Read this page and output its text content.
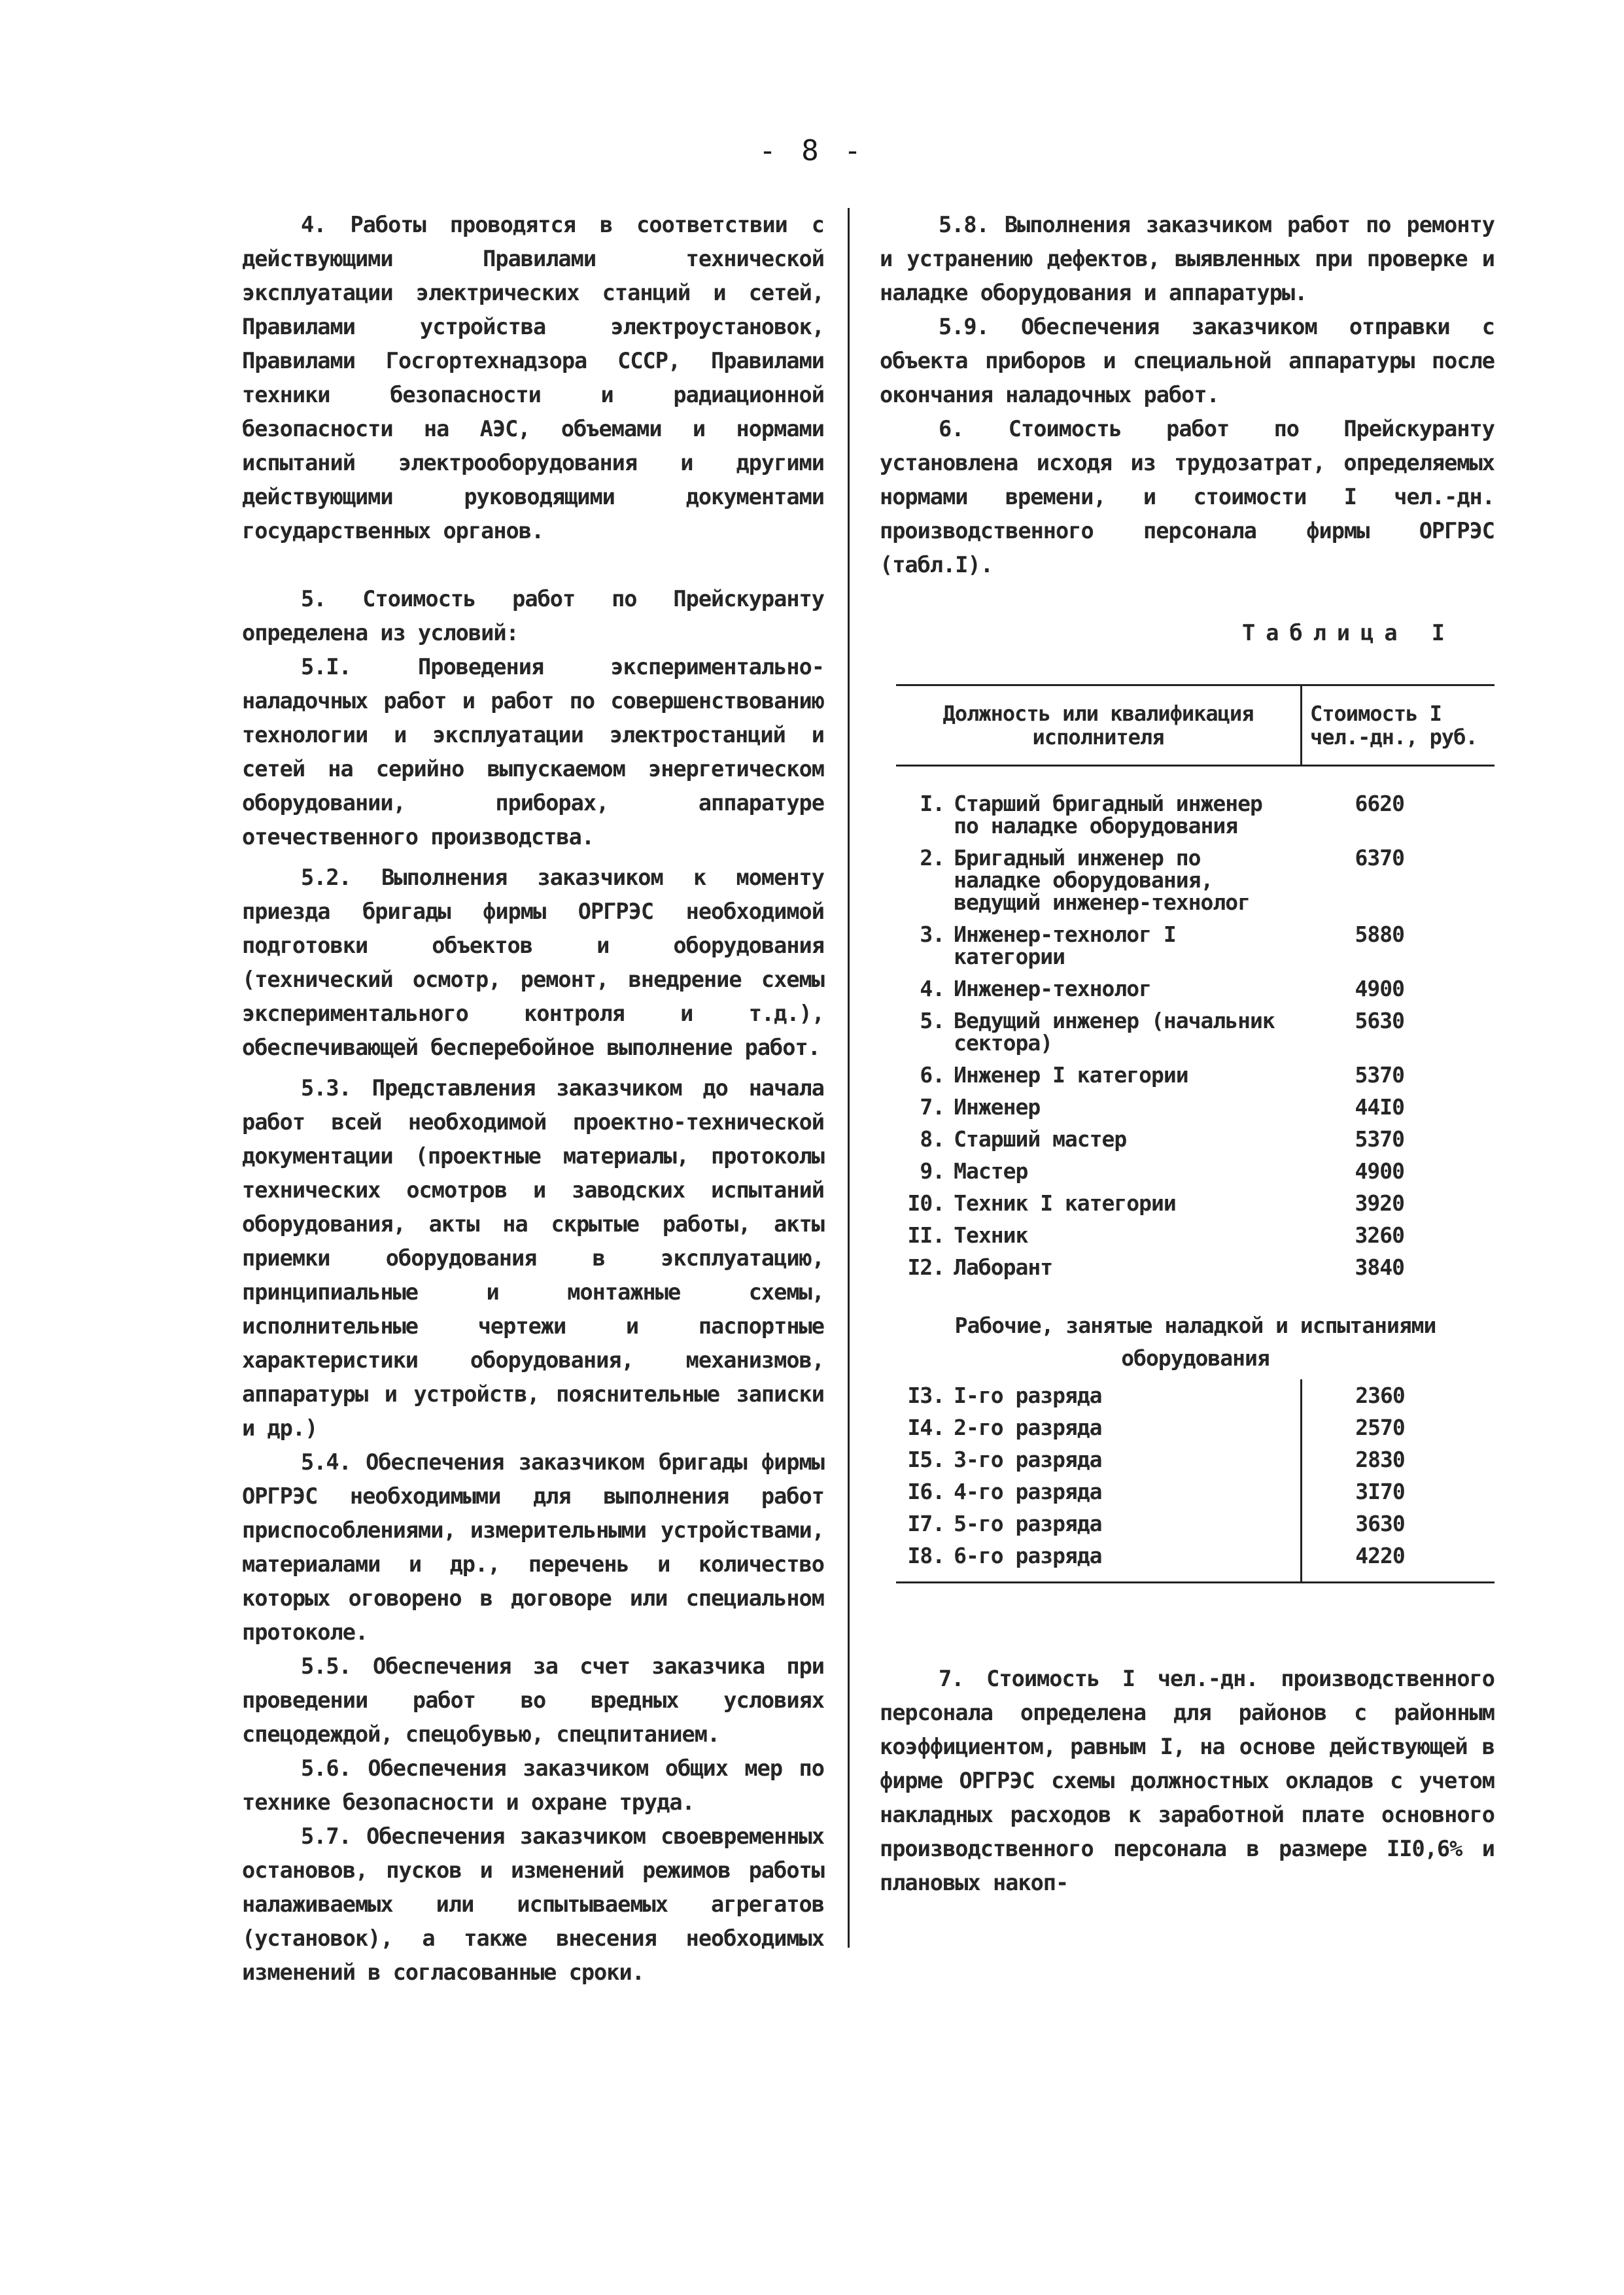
- 8 -

4. Работы проводятся в соответствии с действующими Правилами технической эксплуатации электрических станций и сетей, Правилами устройства электроустановок, Правилами Госгортехнадзора СССР, Правилами техники безопасности и радиационной безопасности на АЭС, объемами и нормами испытаний электрооборудования и другими действующими руководящими документами государственных органов.

5. Стоимость работ по Прейскуранту определена из условий:

5.I. Проведения экспериментально-наладочных работ и работ по совершенствованию технологии и эксплуатации электростанций и сетей на серийно выпускаемом энергетическом оборудовании, приборах, аппаратуре отечественного производства.

5.2. Выполнения заказчиком к моменту приезда бригады фирмы ОРГРЭС необходимой подготовки объектов и оборудования (технический осмотр, ремонт, внедрение схемы экспериментального контроля и т.д.), обеспечивающей бесперебойное выполнение работ.

5.3. Представления заказчиком до начала работ всей необходимой проектно-технической документации (проектные материалы, протоколы технических осмотров и заводских испытаний оборудования, акты на скрытые работы, акты приемки оборудования в эксплуатацию, принципиальные и монтажные схемы, исполнительные чертежи и паспортные характеристики оборудования, механизмов, аппаратуры и устройств, пояснительные записки и др.)

5.4. Обеспечения заказчиком бригады фирмы ОРГРЭС необходимыми для выполнения работ приспособлениями, измерительными устройствами, материалами и др., перечень и количество которых оговорено в договоре или специальном протоколе.

5.5. Обеспечения за счет заказчика при проведении работ во вредных условиях спецодеждой, спецобувью, спецпитанием.

5.6. Обеспечения заказчиком общих мер по технике безопасности и охране труда.

5.7. Обеспечения заказчиком своевременных остановов, пусков и изменений режимов работы налаживаемых или испытываемых агрегатов (установок), а также внесения необходимых изменений в согласованные сроки.

5.8. Выполнения заказчиком работ по ремонту и устранению дефектов, выявленных при проверке и наладке оборудования и аппаратуры.

5.9. Обеспечения заказчиком отправки с объекта приборов и специальной аппаратуры после окончания наладочных работ.

6. Стоимость работ по Прейскуранту установлена исходя из трудозатрат, определяемых нормами времени, и стоимости I чел.-дн. производственного персонала фирмы ОРГРЭС (табл.I).

Таблица I
Должность или квалификация исполнителя		Стоимость I чел.-дн., руб.
I.	Старший бригадный инженер по наладке оборудования	6620
2.	Бригадный инженер по наладке оборудования, ведущий инженер-технолог	6370
3.	Инженер-технолог I категории	5880
4.	Инженер-технолог	4900
5.	Ведущий инженер (начальник сектора)	5630
6.	Инженер I категории	5370
7.	Инженер	44I0
8.	Старший мастер	5370
9.	Мастер	4900
I0.	Техник I категории	3920
II.	Техник	3260
I2.	Лаборант	3840
Рабочие, занятые наладкой и испытаниями оборудования		
I3.	I-го разряда	2360
I4.	2-го разряда	2570
I5.	3-го разряда	2830
I6.	4-го разряда	3I70
I7.	5-го разряда	3630
I8.	6-го разряда	4220

7. Стоимость I чел.-дн. производственного персонала определена для районов с районным коэффициентом, равным I, на основе действующей в фирме ОРГРЭС схемы должностных окладов с учетом накладных расходов к заработной плате основного производственного персонала в размере II0,6% и плановых накоп-
